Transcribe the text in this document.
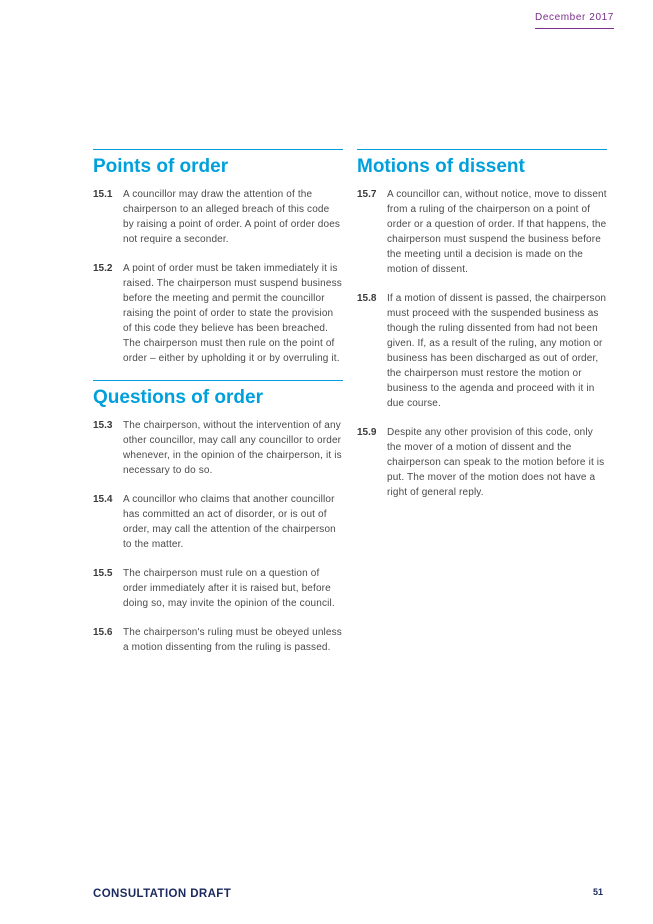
December 2017
Points of order
15.1	A councillor may draw the attention of the chairperson to an alleged breach of this code by raising a point of order. A point of order does not require a seconder.
15.2	A point of order must be taken immediately it is raised. The chairperson must suspend business before the meeting and permit the councillor raising the point of order to state the provision of this code they believe has been breached. The chairperson must then rule on the point of order – either by upholding it or by overruling it.
Questions of order
15.3	The chairperson, without the intervention of any other councillor, may call any councillor to order whenever, in the opinion of the chairperson, it is necessary to do so.
15.4	A councillor who claims that another councillor has committed an act of disorder, or is out of order, may call the attention of the chairperson to the matter.
15.5	The chairperson must rule on a question of order immediately after it is raised but, before doing so, may invite the opinion of the council.
15.6	The chairperson's ruling must be obeyed unless a motion dissenting from the ruling is passed.
Motions of dissent
15.7	A councillor can, without notice, move to dissent from a ruling of the chairperson on a point of order or a question of order. If that happens, the chairperson must suspend the business before the meeting until a decision is made on the motion of dissent.
15.8	If a motion of dissent is passed, the chairperson must proceed with the suspended business as though the ruling dissented from had not been given. If, as a result of the ruling, any motion or business has been discharged as out of order, the chairperson must restore the motion or business to the agenda and proceed with it in due course.
15.9	Despite any other provision of this code, only the mover of a motion of dissent and the chairperson can speak to the motion before it is put. The mover of the motion does not have a right of general reply.
CONSULTATION DRAFT	51
